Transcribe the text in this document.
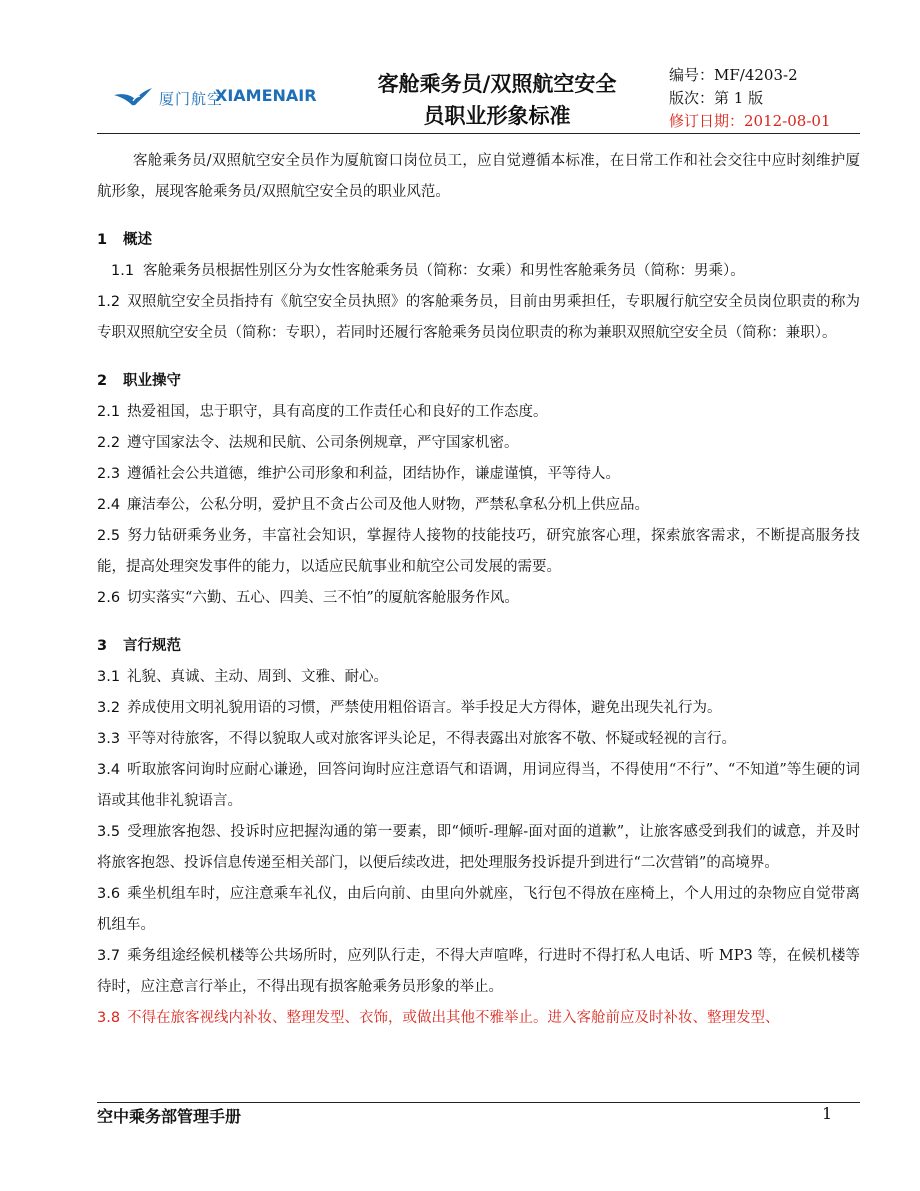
厦门航空
XIAMENAIR	客舱乘务员/双照航空安全
员职业形象标准
编号：MF/4203-2
版次：第 1 版
修订日期：2012-08-01

客舱乘务员/双照航空安全员作为厦航窗口岗位员工，应自觉遵循本标准，在日常工作和社会交往中应时刻维护厦航形象，展现客舱乘务员/双照航空安全员的职业风范。

1 概述

1.1 客舱乘务员根据性别区分为女性客舱乘务员（简称：女乘）和男性客舱乘务员（简称：男乘）。

1.2 双照航空安全员指持有《航空安全员执照》的客舱乘务员，目前由男乘担任，专职履行航空安全员岗位职责的称为专职双照航空安全员（简称：专职），若同时还履行客舱乘务员岗位职责的称为兼职双照航空安全员（简称：兼职）。

2 职业操守

2.1 热爱祖国，忠于职守，具有高度的工作责任心和良好的工作态度。

2.2 遵守国家法令、法规和民航、公司条例规章，严守国家机密。

2.3 遵循社会公共道德，维护公司形象和利益，团结协作，谦虚谨慎，平等待人。

2.4 廉洁奉公，公私分明，爱护且不贪占公司及他人财物，严禁私拿私分机上供应品。

2.5 努力钻研乘务业务，丰富社会知识，掌握待人接物的技能技巧，研究旅客心理，探索旅客需求，不断提高服务技能，提高处理突发事件的能力，以适应民航事业和航空公司发展的需要。

2.6 切实落实“六勤、五心、四美、三不怕”的厦航客舱服务作风。

3 言行规范

3.1 礼貌、真诚、主动、周到、文雅、耐心。

3.2 养成使用文明礼貌用语的习惯，严禁使用粗俗语言。举手投足大方得体，避免出现失礼行为。

3.3 平等对待旅客，不得以貌取人或对旅客评头论足，不得表露出对旅客不敬、怀疑或轻视的言行。

3.4 听取旅客问询时应耐心谦逊，回答问询时应注意语气和语调，用词应得当，不得使用“不行”、“不知道”等生硬的词语或其他非礼貌语言。

3.5 受理旅客抱怨、投诉时应把握沟通的第一要素，即“倾听-理解-面对面的道歉”，让旅客感受到我们的诚意，并及时将旅客抱怨、投诉信息传递至相关部门，以便后续改进，把处理服务投诉提升到进行“二次营销”的高境界。

3.6 乘坐机组车时，应注意乘车礼仪，由后向前、由里向外就座，飞行包不得放在座椅上，个人用过的杂物应自觉带离机组车。

3.7 乘务组途经候机楼等公共场所时，应列队行走，不得大声喧哗，行进时不得打私人电话、听 MP3 等，在候机楼等待时，应注意言行举止，不得出现有损客舱乘务员形象的举止。

3.8 不得在旅客视线内补妆、整理发型、衣饰，或做出其他不雅举止。进入客舱前应及时补妆、整理发型、

空中乘务部管理手册	1
